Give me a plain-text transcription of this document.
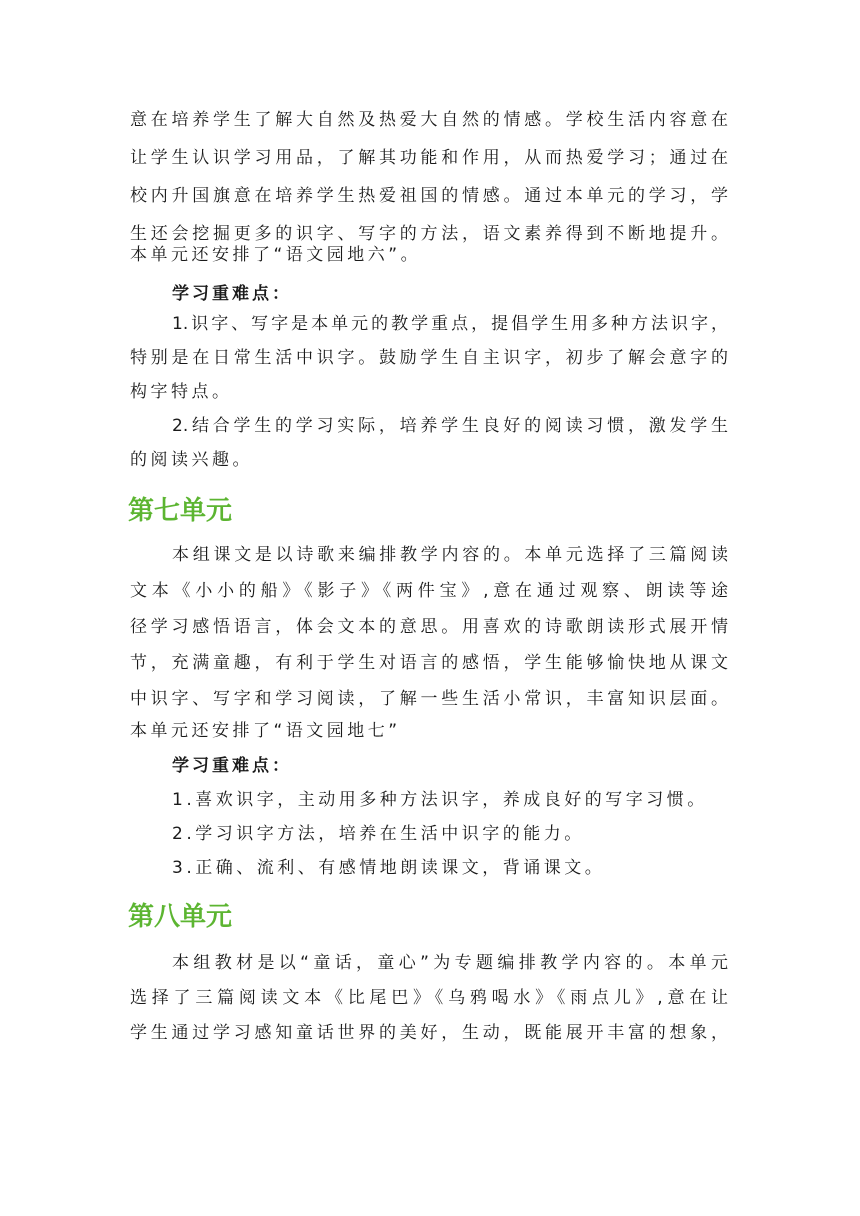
意在培养学生了解大自然及热爱大自然的情感。学校生活内容意在
让学生认识学习用品，了解其功能和作用，从而热爱学习；通过在
校内升国旗意在培养学生热爱祖国的情感。通过本单元的学习，学
生还会挖掘更多的识字、写字的方法，语文素养得到不断地提升。
本单元还安排了“语文园地六”。
学习重难点：
1.识字、写字是本单元的教学重点，提倡学生用多种方法识字，
特别是在日常生活中识字。鼓励学生自主识字，初步了解会意字的
构字特点。
2.结合学生的学习实际，培养学生良好的阅读习惯，激发学生
的阅读兴趣。
第七单元
本组课文是以诗歌来编排教学内容的。本单元选择了三篇阅读
文本《小小的船》《影子》《两件宝》,意在通过观察、朗读等途
径学习感悟语言，体会文本的意思。用喜欢的诗歌朗读形式展开情
节，充满童趣，有利于学生对语言的感悟，学生能够愉快地从课文
中识字、写字和学习阅读，了解一些生活小常识，丰富知识层面。
本单元还安排了“语文园地七”
学习重难点：
1.喜欢识字，主动用多种方法识字，养成良好的写字习惯。
2.学习识字方法，培养在生活中识字的能力。
3.正确、流利、有感情地朗读课文，背诵课文。
第八单元
本组教材是以“童话，童心”为专题编排教学内容的。本单元
选择了三篇阅读文本《比尾巴》《乌鸦喝水》《雨点儿》,意在让
学生通过学习感知童话世界的美好，生动，既能展开丰富的想象，
